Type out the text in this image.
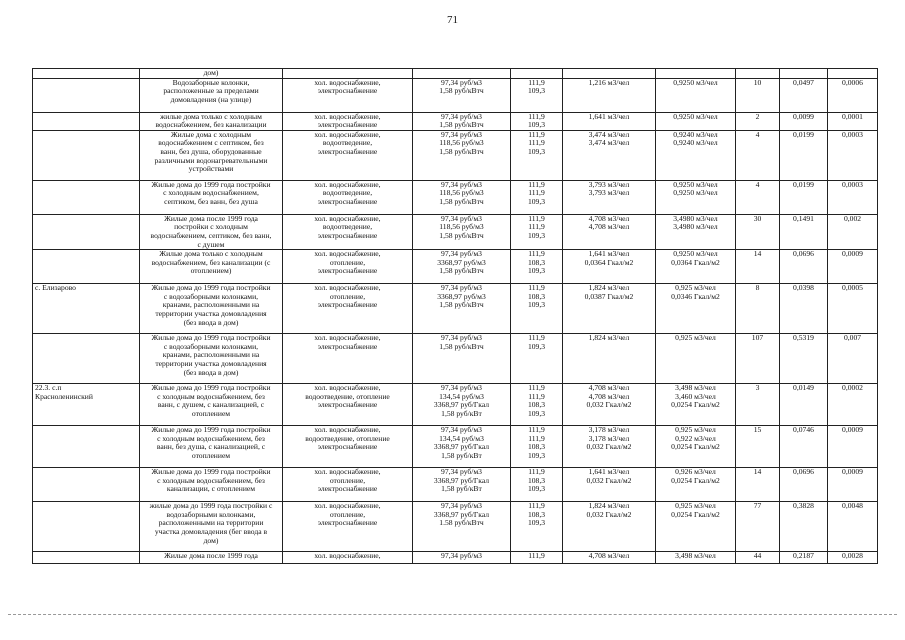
71

	дом)								

	Водозаборные колонки,
расположенные за пределами
домовладения (на улице)	хол. водоснабжение,
электроснабжение	97,34 руб/м3
1,58 руб/кВтч	111,9
109,3	1,216 м3/чел	0,9250 м3/чел	10	0,0497	0,0006

	жилые дома только с холодным
водоснабжением, без канализации	хол. водоснабжение,
электроснабжение	97,34 руб/м3
1,58 руб/кВтч	111,9
109,3	1,641 м3/чел	0,9250 м3/чел	2	0,0099	0,0001

	Жилые дома с холодным
водоснабжением с септиком, без
ванн, без душа, оборудованные
различными водонагревательными
устройствами	хол. водоснабжение,
водоотведение,
электроснабжение	97,34 руб/м3
118,56 руб/м3
1,58 руб/кВтч	111,9
111,9
109,3	3,474 м3/чел
3,474 м3/чел	0,9240 м3/чел
0,9240 м3/чел	4	0,0199	0,0003

	Жилые дома до 1999 года постройки
с холодным водоснабжением,
септиком, без ванн, без душа	хол. водоснабжение,
водоотведение,
электроснабжение	97,34 руб/м3
118,56 руб/м3
1,58 руб/кВтч	111,9
111,9
109,3	3,793 м3/чел
3,793 м3/чел	0,9250 м3/чел
0,9250 м3/чел	4	0,0199	0,0003

	Жилые дома после 1999 года
постройки с холодным
водоснабжением, септиком, без ванн,
с душем	хол. водоснабжение,
водоотведение,
электроснабжение	97,34 руб/м3
118,56 руб/м3
1,58 руб/кВтч	111,9
111,9
109,3	4,708 м3/чел
4,708 м3/чел	3,4980 м3/чел
3,4980 м3/чел	30	0,1491	0,002

	Жилые дома только с холодным
водоснабжением, без канализации (с
отоплением)	хол. водоснабжение,
отопление,
электроснабжение	97,34 руб/м3
3368,97 руб/м3
1,58 руб/кВтч	111,9
108,3
109,3	1,641 м3/чел
0,0364 Гкал/м2	0,9250 м3/чел
0,0364 Гкал/м2	14	0,0696	0,0009

с. Елизарово	Жилые дома до 1999 года постройки
с водозаборными колонками,
кранами, расположенными на
территории участка домовладения
(без ввода в дом)	хол. водоснабжение,
отопление,
электроснабжение	97,34 руб/м3
3368,97 руб/м3
1,58 руб/кВтч	111,9
108,3
109,3	1,824 м3/чел
0,0387 Гкал/м2	0,925 м3/чел
0,0346 Гкал/м2	8	0,0398	0,0005

	Жилые дома до 1999 года постройки
с водозаборными колонками,
кранами, расположенными на
территории участка домовладения
(без ввода в дом)	хол. водоснабжение,
электроснабжение	97,34 руб/м3
1,58 руб/кВтч	111,9
109,3	1,824 м3/чел	0,925 м3/чел	107	0,5319	0,007

22.3. с.п
Красноленинский	Жилые дома до 1999 года постройки
с холодным водоснабжением, без
ванн, с душем, с канализацией, с
отоплением	хол. водоснабжение,
водоотведение, отопление
электроснабжение	97,34 руб/м3
134,54 руб/м3
3368,97 руб/Гкал
1,58 руб/кВт	111,9
111,9
108,3
109,3	4,708 м3/чел
4,708 м3/чел
0,032 Гкал/м2	3,498 м3/чел
3,460 м3/чел
0,0254 Гкал/м2	3	0,0149	0,0002

	Жилые дома до 1999 года постройки
с холодным водоснабжением, без
ванн, без душа, с канализацией, с
отоплением	хол. водоснабжение,
водоотведение, отопление
электроснабжение	97,34 руб/м3
134,54 руб/м3
3368,97 руб/Гкал
1,58 руб/кВт	111,9
111,9
108,3
109,3	3,178 м3/чел
3,178 м3/чел
0,032 Гкал/м2	0,925 м3/чел
0,922 м3/чел
0,0254 Гкал/м2	15	0,0746	0,0009

	Жилые дома до 1999 года постройки
с холодным водоснабжением, без
канализации, с отоплением	хол. водоснабжение,
отопление,
электроснабжение	97,34 руб/м3
3368,97 руб/Гкал
1,58 руб/кВт	111,9
108,3
109,3	1,641 м3/чел
0,032 Гкал/м2	0,926 м3/чел
0,0254 Гкал/м2	14	0,0696	0,0009

	жилые дома до 1999 года постройки с
водозаборными колонками,
расположенными на территории
участка домовладения (бег ввода в
дом)	хол. водоснабжение,
отопление,
электроснабжение	97,34 руб/м3
3368,97 руб/Гкал
1.58 руб/кВтч	111,9
108,3
109,3	1,824 м3/чел
0,032 Гкал/м2	0,925 м3/чел
0,0254 Гкал/м2	77	0,3828	0,0048

	Жилые дома после 1999 года	хол. водоснабжение,	97,34 руб/м3	111,9	4,708 м3/чел	3,498 м3/чел	44	0,2187	0,0028
